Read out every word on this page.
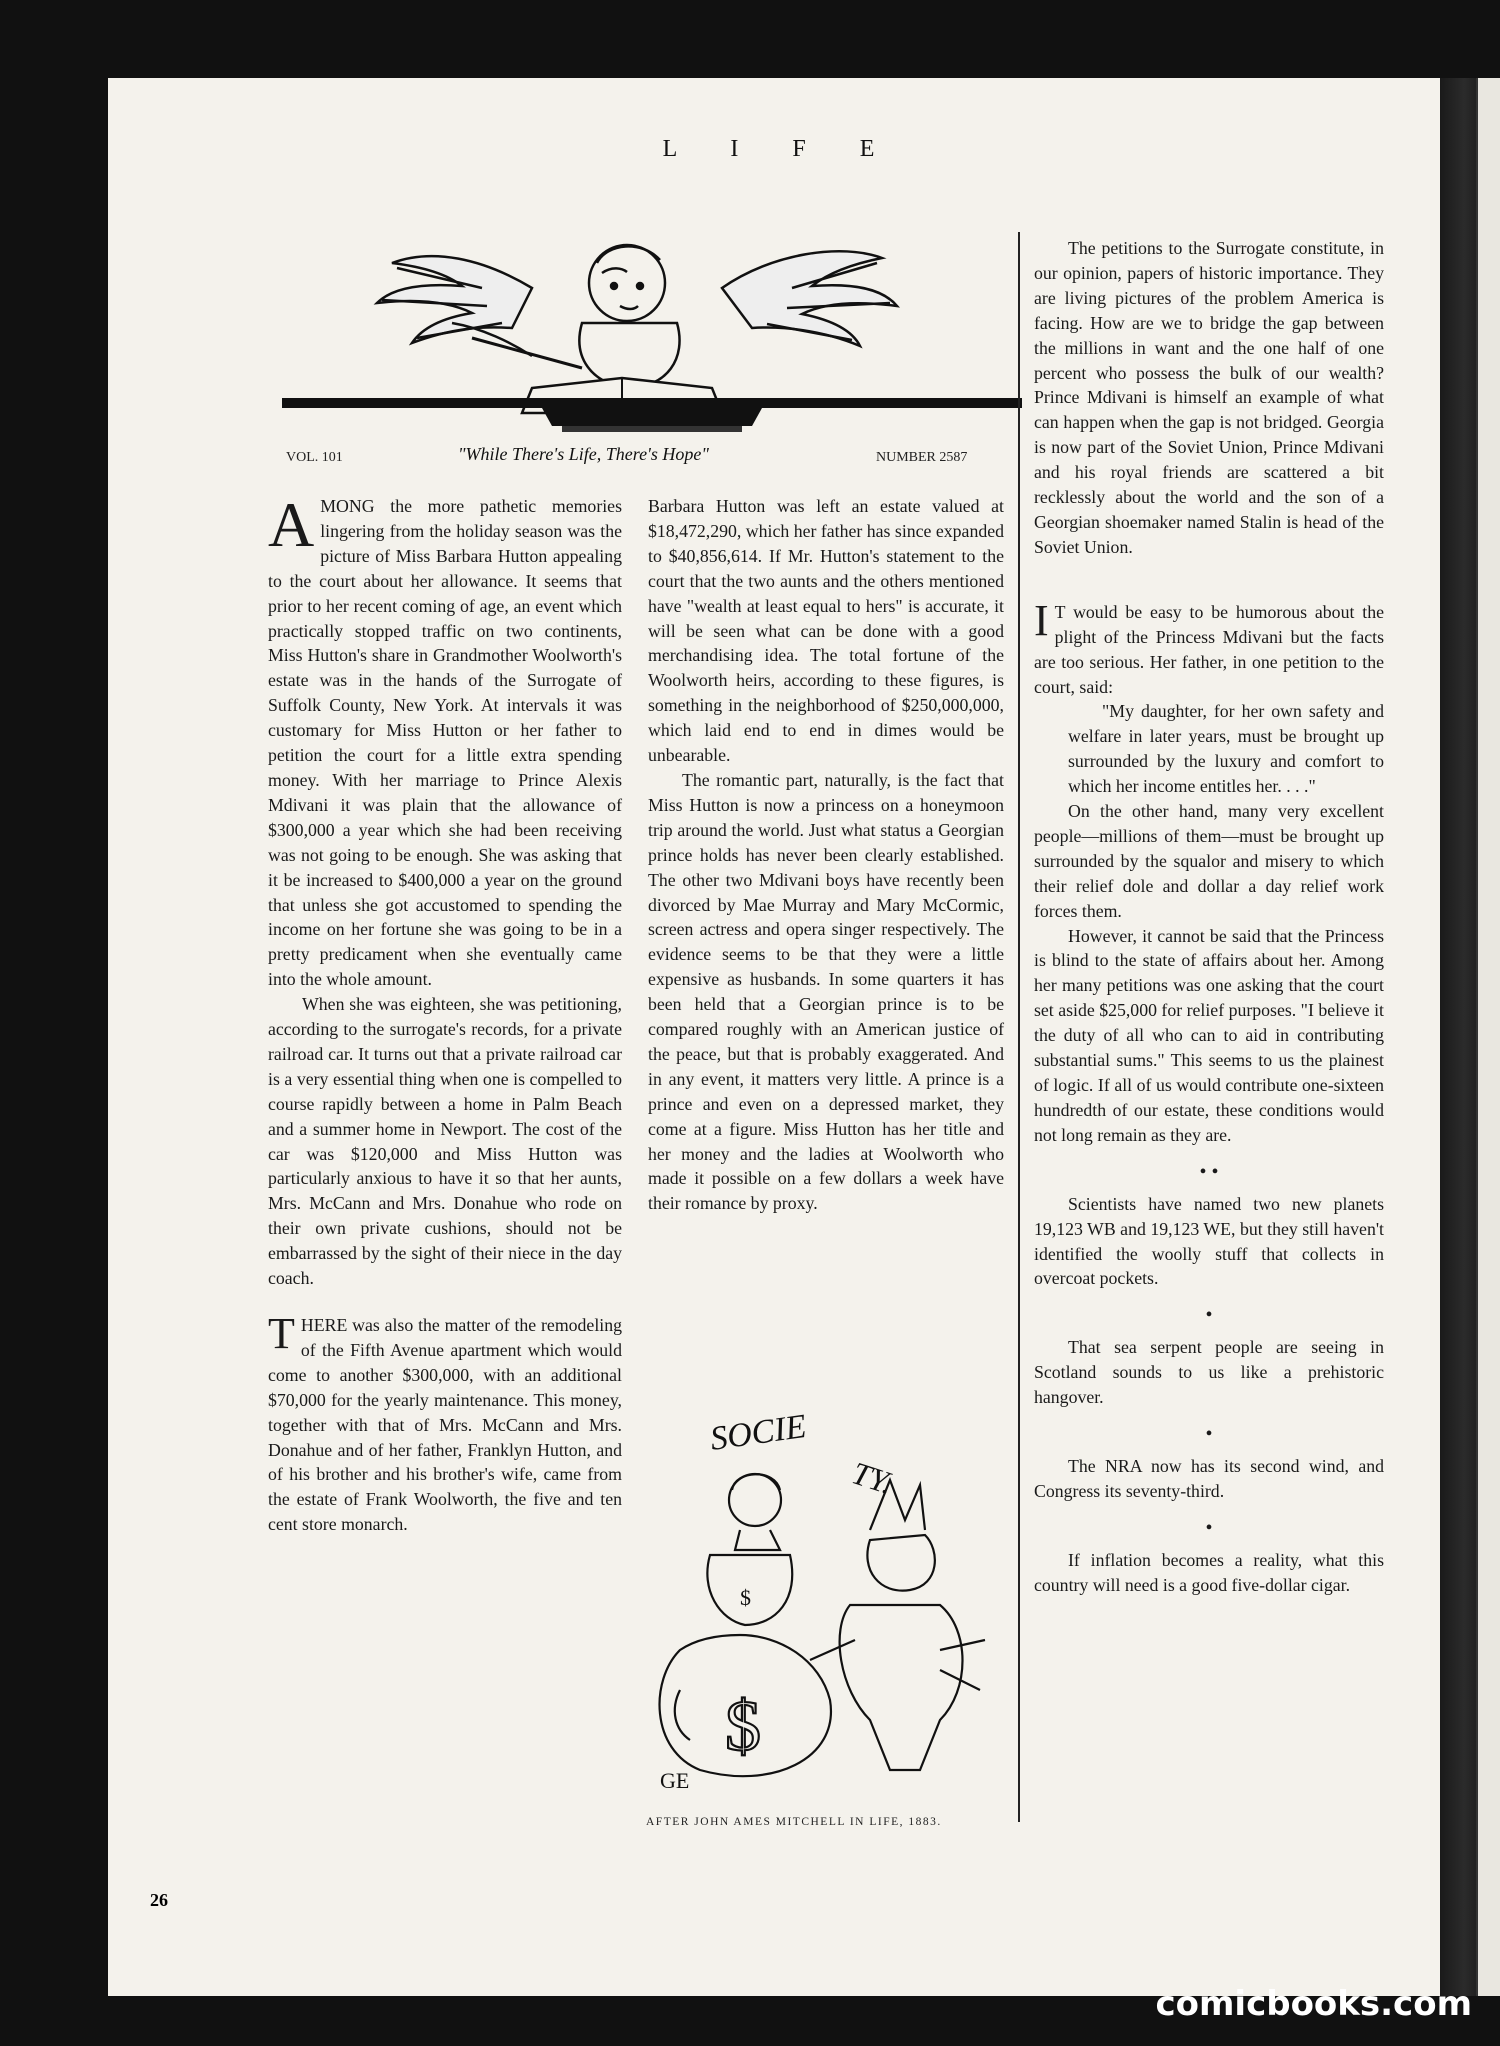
L I F E
VOL. 101	"While There's Life, There's Hope"	NUMBER 2587

AMONG the more pathetic memories lingering from the holiday season was the picture of Miss Barbara Hutton appealing to the court about her allowance. It seems that prior to her recent coming of age, an event which practically stopped traffic on two continents, Miss Hutton's share in Grandmother Woolworth's estate was in the hands of the Surrogate of Suffolk County, New York. At intervals it was customary for Miss Hutton or her father to petition the court for a little extra spending money. With her marriage to Prince Alexis Mdivani it was plain that the allowance of $300,000 a year which she had been receiving was not going to be enough. She was asking that it be increased to $400,000 a year on the ground that unless she got accustomed to spending the income on her fortune she was going to be in a pretty predicament when she eventually came into the whole amount.

When she was eighteen, she was petitioning, according to the surrogate's records, for a private railroad car. It turns out that a private railroad car is a very essential thing when one is compelled to course rapidly between a home in Palm Beach and a summer home in Newport. The cost of the car was $120,000 and Miss Hutton was particularly anxious to have it so that her aunts, Mrs. McCann and Mrs. Donahue who rode on their own private cushions, should not be embarrassed by the sight of their niece in the day coach.

THERE was also the matter of the remodeling of the Fifth Avenue apartment which would come to another $300,000, with an additional $70,000 for the yearly maintenance. This money, together with that of Mrs. McCann and Mrs. Donahue and of her father, Franklyn Hutton, and of his brother and his brother's wife, came from the estate of Frank Woolworth, the five and ten cent store monarch.

Barbara Hutton was left an estate valued at $18,472,290, which her father has since expanded to $40,856,614. If Mr. Hutton's statement to the court that the two aunts and the others mentioned have "wealth at least equal to hers" is accurate, it will be seen what can be done with a good merchandising idea. The total fortune of the Woolworth heirs, according to these figures, is something in the neighborhood of $250,000,000, which laid end to end in dimes would be unbearable.

The romantic part, naturally, is the fact that Miss Hutton is now a princess on a honeymoon trip around the world. Just what status a Georgian prince holds has never been clearly established. The other two Mdivani boys have recently been divorced by Mae Murray and Mary McCormic, screen actress and opera singer respectively. The evidence seems to be that they were a little expensive as husbands. In some quarters it has been held that a Georgian prince is to be compared roughly with an American justice of the peace, but that is probably exaggerated. And in any event, it matters very little. A prince is a prince and even on a depressed market, they come at a figure. Miss Hutton has her title and her money and the ladies at Woolworth who made it possible on a few dollars a week have their romance by proxy.

SOCIE
TY.
$
$
GE
AFTER JOHN AMES MITCHELL IN LIFE, 1883.

The petitions to the Surrogate constitute, in our opinion, papers of historic importance. They are living pictures of the problem America is facing. How are we to bridge the gap between the millions in want and the one half of one percent who possess the bulk of our wealth? Prince Mdivani is himself an example of what can happen when the gap is not bridged. Georgia is now part of the Soviet Union, Prince Mdivani and his royal friends are scattered a bit recklessly about the world and the son of a Georgian shoemaker named Stalin is head of the Soviet Union.

I T would be easy to be humorous about the plight of the Princess Mdivani but the facts are too serious. Her father, in one petition to the court, said:

"My daughter, for her own safety and welfare in later years, must be brought up surrounded by the luxury and comfort to which her income entitles her. . . ."

On the other hand, many very excellent people—millions of them—must be brought up surrounded by the squalor and misery to which their relief dole and dollar a day relief work forces them.

However, it cannot be said that the Princess is blind to the state of affairs about her. Among her many petitions was one asking that the court set aside $25,000 for relief purposes. "I believe it the duty of all who can to aid in contributing substantial sums." This seems to us the plainest of logic. If all of us would contribute one-sixteen hundredth of our estate, these conditions would not long remain as they are.

• •

Scientists have named two new planets 19,123 WB and 19,123 WE, but they still haven't identified the woolly stuff that collects in overcoat pockets.

•

That sea serpent people are seeing in Scotland sounds to us like a prehistoric hangover.

•

The NRA now has its second wind, and Congress its seventy-third.

•

If inflation becomes a reality, what this country will need is a good five-dollar cigar.

26
comicbooks.com
